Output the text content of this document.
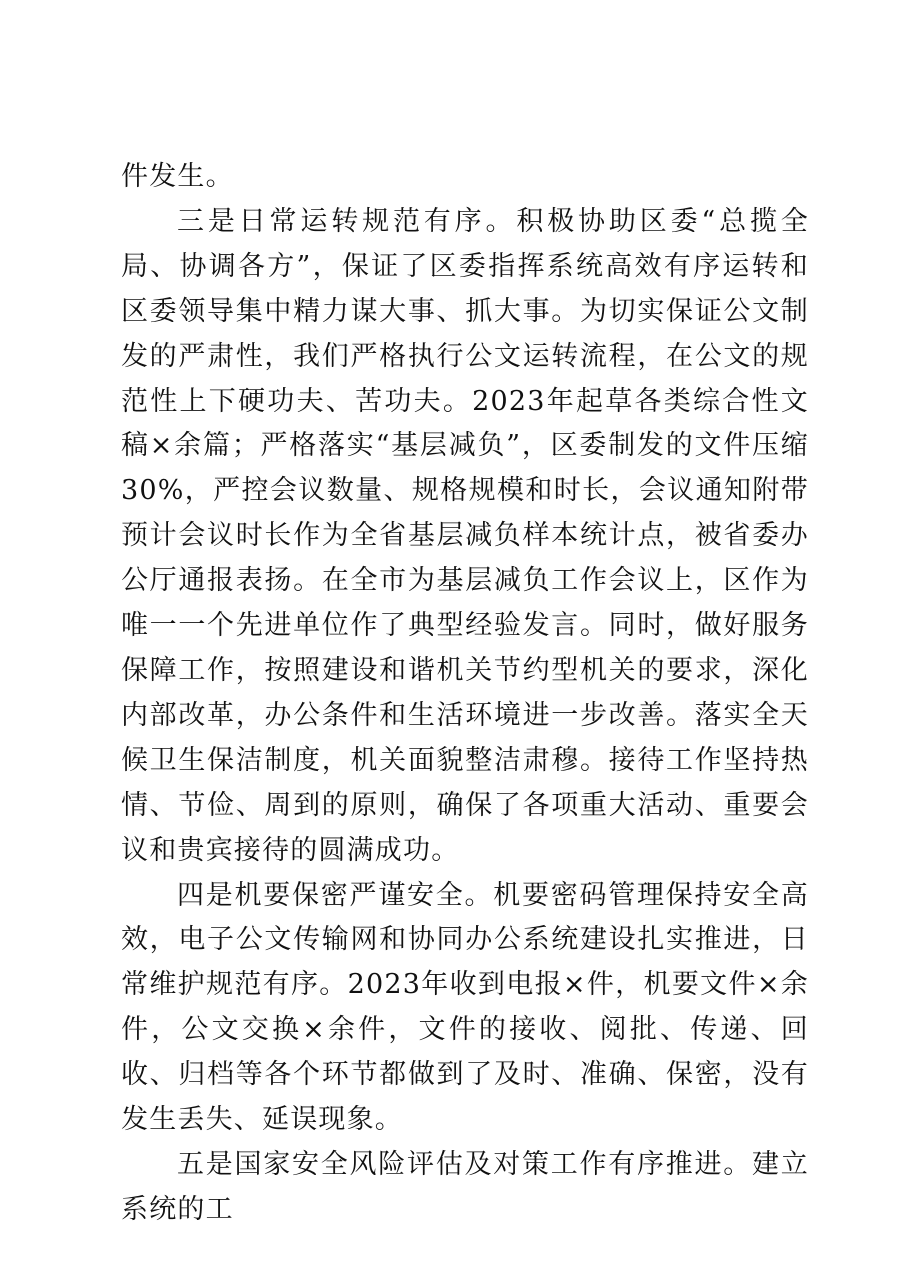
件发生。

三是日常运转规范有序。积极协助区委“总揽全局、协调各方”，保证了区委指挥系统高效有序运转和区委领导集中精力谋大事、抓大事。为切实保证公文制发的严肃性，我们严格执行公文运转流程，在公文的规范性上下硬功夫、苦功夫。2023年起草各类综合性文稿×余篇；严格落实“基层减负”，区委制发的文件压缩30%，严控会议数量、规格规模和时长，会议通知附带预计会议时长作为全省基层减负样本统计点，被省委办公厅通报表扬。在全市为基层减负工作会议上，区作为唯一一个先进单位作了典型经验发言。同时，做好服务保障工作，按照建设和谐机关节约型机关的要求，深化内部改革，办公条件和生活环境进一步改善。落实全天候卫生保洁制度，机关面貌整洁肃穆。接待工作坚持热情、节俭、周到的原则，确保了各项重大活动、重要会议和贵宾接待的圆满成功。

四是机要保密严谨安全。机要密码管理保持安全高效，电子公文传输网和协同办公系统建设扎实推进，日常维护规范有序。2023年收到电报×件，机要文件×余件，公文交换×余件，文件的接收、阅批、传递、回收、归档等各个环节都做到了及时、准确、保密，没有发生丢失、延误现象。

五是国家安全风险评估及对策工作有序推进。建立系统的工
